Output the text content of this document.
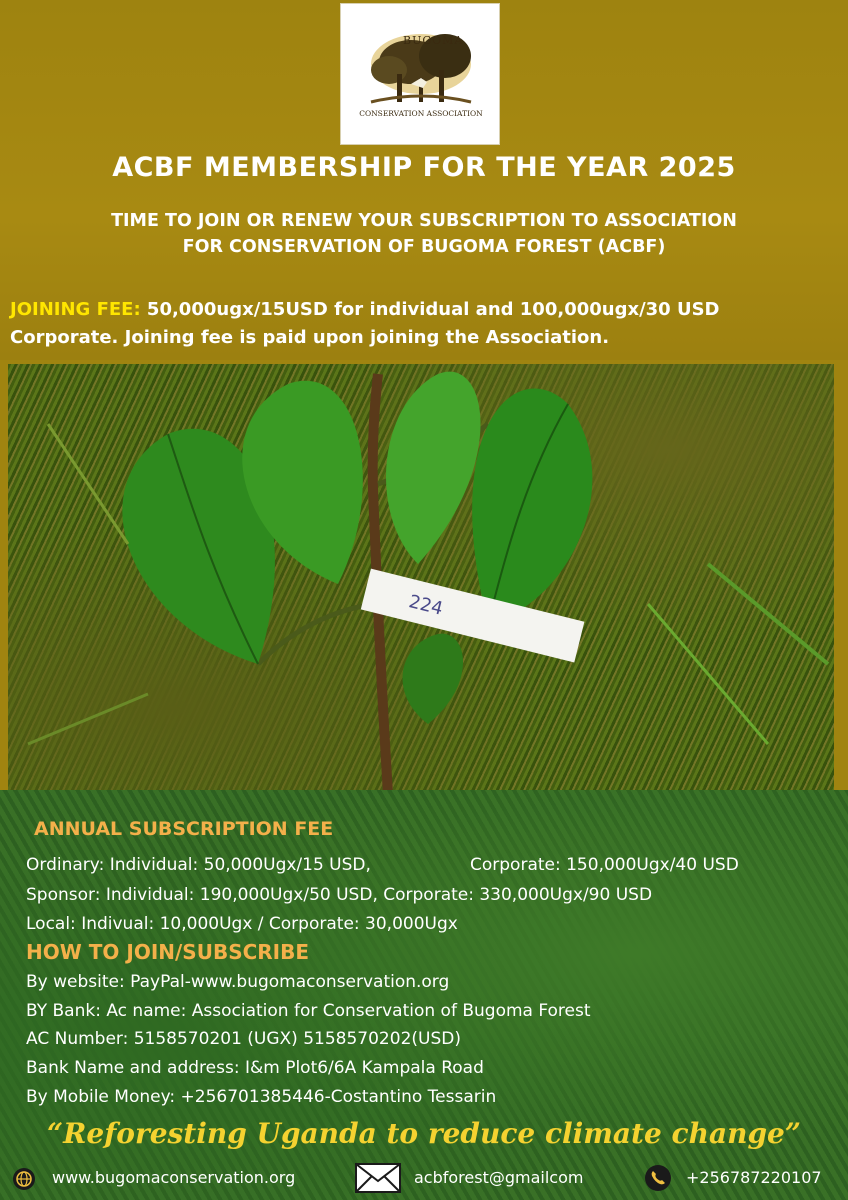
BUGOMA
CONSERVATION ASSOCIATION
ACBF MEMBERSHIP FOR THE YEAR 2025
TIME TO JOIN OR RENEW YOUR SUBSCRIPTION TO ASSOCIATION
FOR CONSERVATION OF BUGOMA FOREST (ACBF)
JOINING FEE: 50,000ugx/15USD for individual and 100,000ugx/30 USD
Corporate. Joining fee is paid upon joining the Association.
224
ANNUAL SUBSCRIPTION FEE
Ordinary: Individual: 50,000Ugx/15 USD,	Corporate: 150,000Ugx/40 USD
Sponsor: Individual: 190,000Ugx/50 USD, Corporate: 330,000Ugx/90 USD
Local: Indivual: 10,000Ugx / Corporate: 30,000Ugx
HOW TO JOIN/SUBSCRIBE
By website: PayPal-www.bugomaconservation.org
BY Bank: Ac name: Association for Conservation of Bugoma Forest
AC Number: 5158570201 (UGX) 5158570202(USD)
Bank Name and address: I&m Plot6/6A Kampala Road
By Mobile Money: +256701385446-Costantino Tessarin
“Reforesting Uganda to reduce climate change”
www.bugomaconservation.org	acbforest@gmailcom	+256787220107
